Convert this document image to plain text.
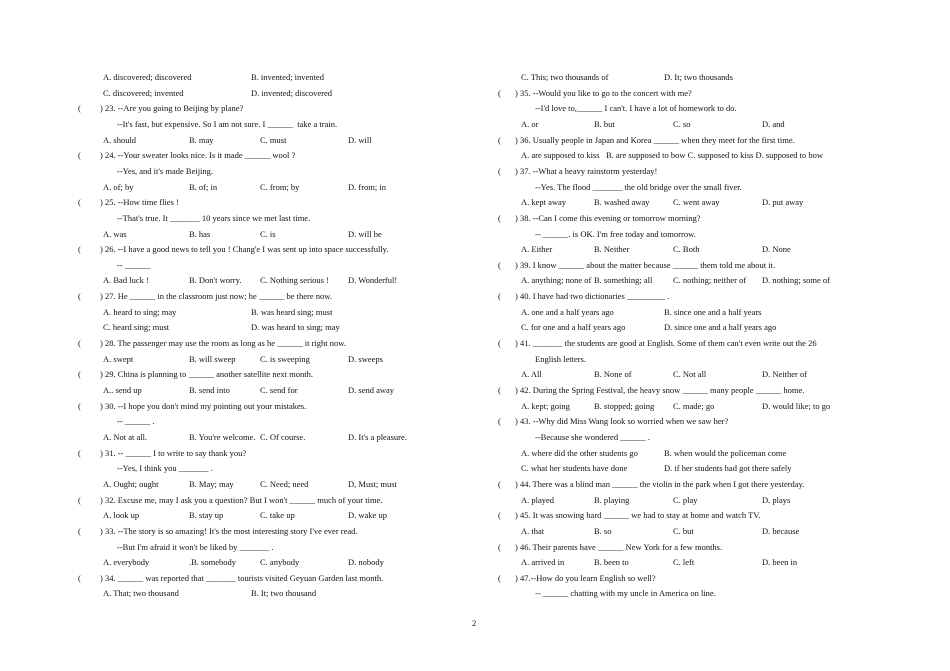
A. discovered; discovered	B. invented; invented
C. discovered; invented	D. invented; discovered
( ) 23. --Are you going to Beijing by plane?
--It's fast, but expensive. So I am not sure. I ______  take a train.
A. should	B. may	C. must	D. will
( ) 24. --Your sweater looks nice. Is it made ______ wool ?
--Yes, and it's made Beijing.
A. of; by	B. of; in	C. from; by	D. from; in
( ) 25. --How time flies !
--That's true. It _______ 10 years since we met last time.
A. was	B. has	C. is	D. will be
( ) 26. --I have a good news to tell you ! Chang'e I was sent up into space successfully.
-- ______
A. Bad luck !	B. Don't worry. C. Nothing serious ! D. Wonderful!
( ) 27. He ______ in the classroom just now; he ______ be there now.
A. heard to sing; may	B. was heard sing; must
C. heard sing; must	D. was heard to sing; may
( ) 28. The passenger may use the room as long as he ______ it right now.
A. swept	B. will sweep	C. is sweeping	D. sweeps
( ) 29. China is planning to ______ another satellite next month.
A.. send up	B. send into	C. send for	D. send away
( ) 30. --I hope you don't mind my pointing out your mistakes.
-- ______ .
A. Not at all.	B. You're welcome. C. Of course.	D. It's a pleasure.
( ) 31. -- ______ I to write to say thank you?
--Yes, I think you _______ .
A. Ought; ought	B. May; may	C. Need; need	D, Must; must
( ) 32. Excuse me, may I ask you a question? But I won't ______ much of your time.
A. look up	B. stay up	C. take up	D. wake up
( ) 33. --The story is so amazing! It's the most interesting story I've ever read.
--But I'm afraid it won't be liked by _______ .
A. everybody	.B. somebody	C. anybody	D. nobody
( ) 34. ______ was reported that _______ tourists visited Geyuan Garden last month.
A. That; two thousand	B. It; two thousand
C. This; two thousands of	D. It; two thousands
( ) 35. --Would you like to go to the concert with me?
--I'd love to,______ I can't. I have a lot of homework to do.
A. or	B. but	C. so	D. and
( ) 36. Usually people in Japan and Korea ______ when they meet for the first time.
A. are supposed to kiss   B. are supposed to bow C. supposed to kiss D. supposed to bow
( ) 37. --What a heavy rainstorm yesterday!
--Yes. The flood _______ the old bridge over the small fiver.
A. kept away	B. washed away	C. went away	D. put away
( ) 38. --Can I come this evening or tomorrow morning?
-- ______. is OK. I'm free today and tomorrow.
A. Either	B. Neither	C. Both	D. None
( ) 39. I know ______ about the matter because ______ them told me about it.
A. anything; none of B. something; all C. nothing; neither of D. nothing; some of
( ) 40. I have had two dictionaries _________ .
A. one and a half years ago	B. since one and a half years
C. for one and a half years ago	D. since one and a half years ago
( ) 41. _______ the students are good at English. Some of them can't even write out the 26
English letters.
A. All	B. None of	C. Not all	D. Neither of
( ) 42. During the Spring Festival, the heavy snow ______ many people ______ home.
A. kept; going	B. stopped; going C. made; go	D. would like; to go
( ) 43. --Why did Miss Wang look so worried when we saw her?
--Because she wondered ______ .
A. where did the other students go	B. when would the policeman come
C. what her students have done	D. if her students had got there safely
( ) 44. There was a blind man ______ the violin in the park when I got there yesterday.
A. played	B. playing	C. play	D. plays
( ) 45. It was snowing hard ______ we had to stay at home and watch TV.
A. that	B. so	C. but	D. because
( ) 46. Their parents have ______ New York for a few months.
A. arrived in	B. been to	C. left	D. been in
( ) 47.--How do you learn English so well?
-- ______ chatting with my uncle in America on line.
2
